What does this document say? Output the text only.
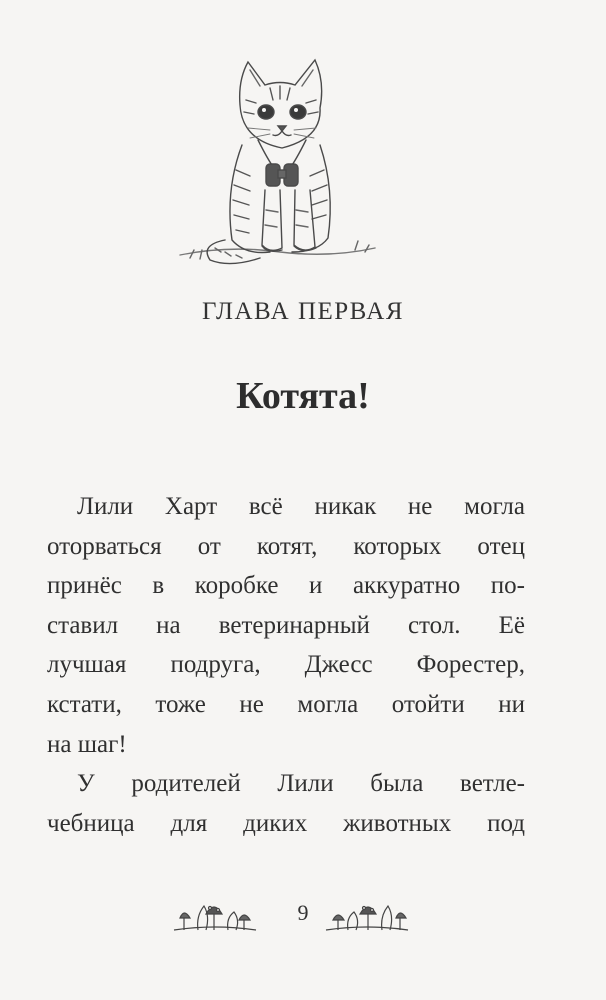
ГЛАВА ПЕРВАЯ
Котята!
Лили Харт всё никак не могла
оторваться от котят, которых отец
принёс в коробке и аккуратно по-
ставил на ветеринарный стол. Её
лучшая подруга, Джесс Форестер,
кстати, тоже не могла отойти ни
на шаг!
У родителей Лили была ветле-
чебница для диких животных под
9
